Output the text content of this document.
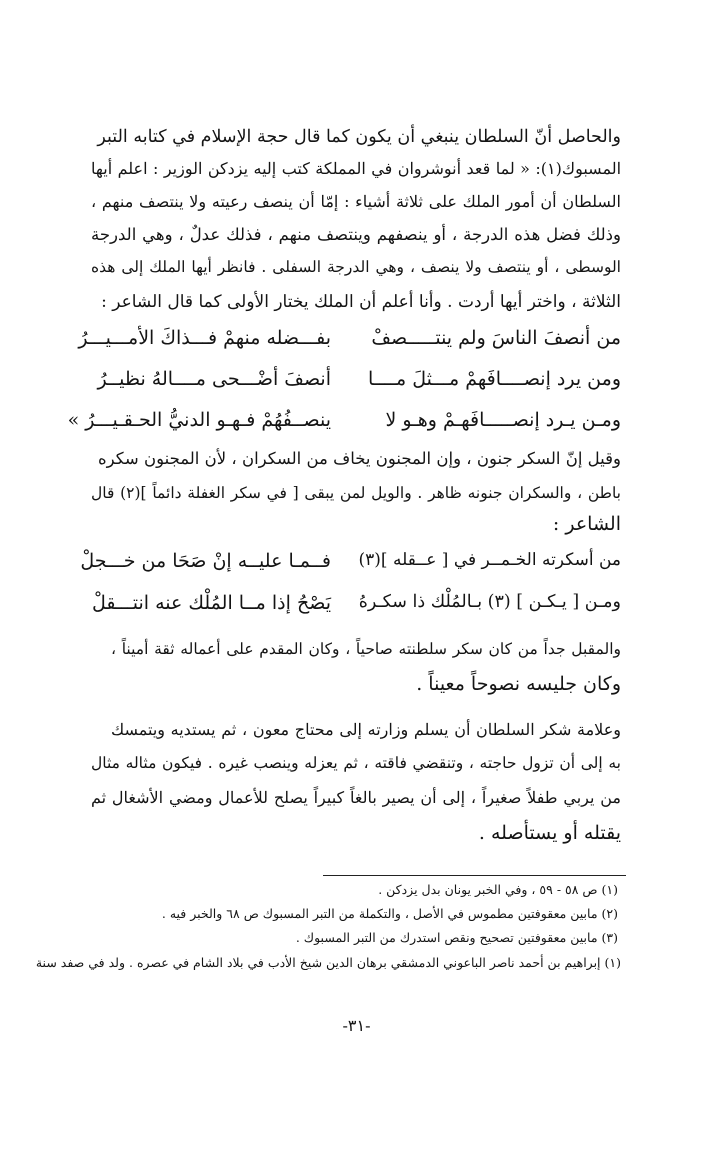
والحاصل أنّ السلطان ينبغي أن يكون كما قال حجة الإسلام في كتابه التبر
المسبوك(١): « لما قعد أنوشروان في المملكة كتب إليه يزدكن الوزير : اعلم أيها
السلطان أن أمور الملك على ثلاثة أشياء : إمّا أن ينصف رعيته ولا ينتصف منهم ،
وذلك فضل هذه الدرجة ، أو ينصفهم وينتصف منهم ، فذلك عدلٌ ، وهي الدرجة
الوسطى ، أو ينتصف ولا ينصف ، وهي الدرجة السفلى . فانظر أيها الملك إلى هذه
الثلاثة ، واختر أيها أردت . وأنا أعلم أن الملك يختار الأولى كما قال الشاعر :
من أنصفَ الناسَ ولم ينتـــــصفْ
بفـــضله منهمْ فـــذاكَ الأمـــيـــرُ
ومن يرد إنصــــافَهمْ مـــثلَ مــــا
أنصفَ أضْـــحى مــــالهُ نظيــرُ
ومـن يـرد إنصـــــافَهـمْ وهـو لا
ينصــفُهُمْ فـهـو الدنيُّ الحـقـيـــرُ »
وقيل إنّ السكر جنون ، وإن المجنون يخاف من السكران ، لأن المجنون سكره
باطن ، والسكران جنونه ظاهر . والويل لمن يبقى [ في سكر الغفلة دائماً ](٢) قال
الشاعر :
من أسكرته الخـمــر في [ عــقله ](٣)
فــمـا عليــه إنْ صَحَا من خـــجلْ
ومـن [ يـكـن ] (٣) بـالمُلْك ذا سكـرهُ
يَصْحُ إذا مــا المُلْك عنه انتـــقلْ
والمقبل جداً من كان سكر سلطنته صاحياً ، وكان المقدم على أعماله ثقة أميناً ،
وكان جليسه نصوحاً معيناً .
وعلامة شكر السلطان أن يسلم وزارته إلى محتاج معون ، ثم يستديه ويتمسك
به إلى أن تزول حاجته ، وتنقضي فاقته ، ثم يعزله وينصب غيره . فيكون مثاله مثال
من يربي طفلاً صغيراً ، إلى أن يصير بالغاً كبيراً يصلح للأعمال ومضي الأشغال ثم
يقتله أو يستأصله .
(١) ص ٥٨ - ٥٩ ، وفي الخبر يونان بدل يزدكن .
(٢) مابين معقوفتين مطموس في الأصل ، والتكملة من التبر المسبوك ص ٦٨ والخبر فيه .
(٣) مابين معقوفتين تصحيح ونقص استدرك من التبر المسبوك .
(١) إبراهيم بن أحمد ناصر الباعوني الدمشقي برهان الدين شيخ الأدب في بلاد الشام في عصره . ولد في صفد سنة
-٣١-
